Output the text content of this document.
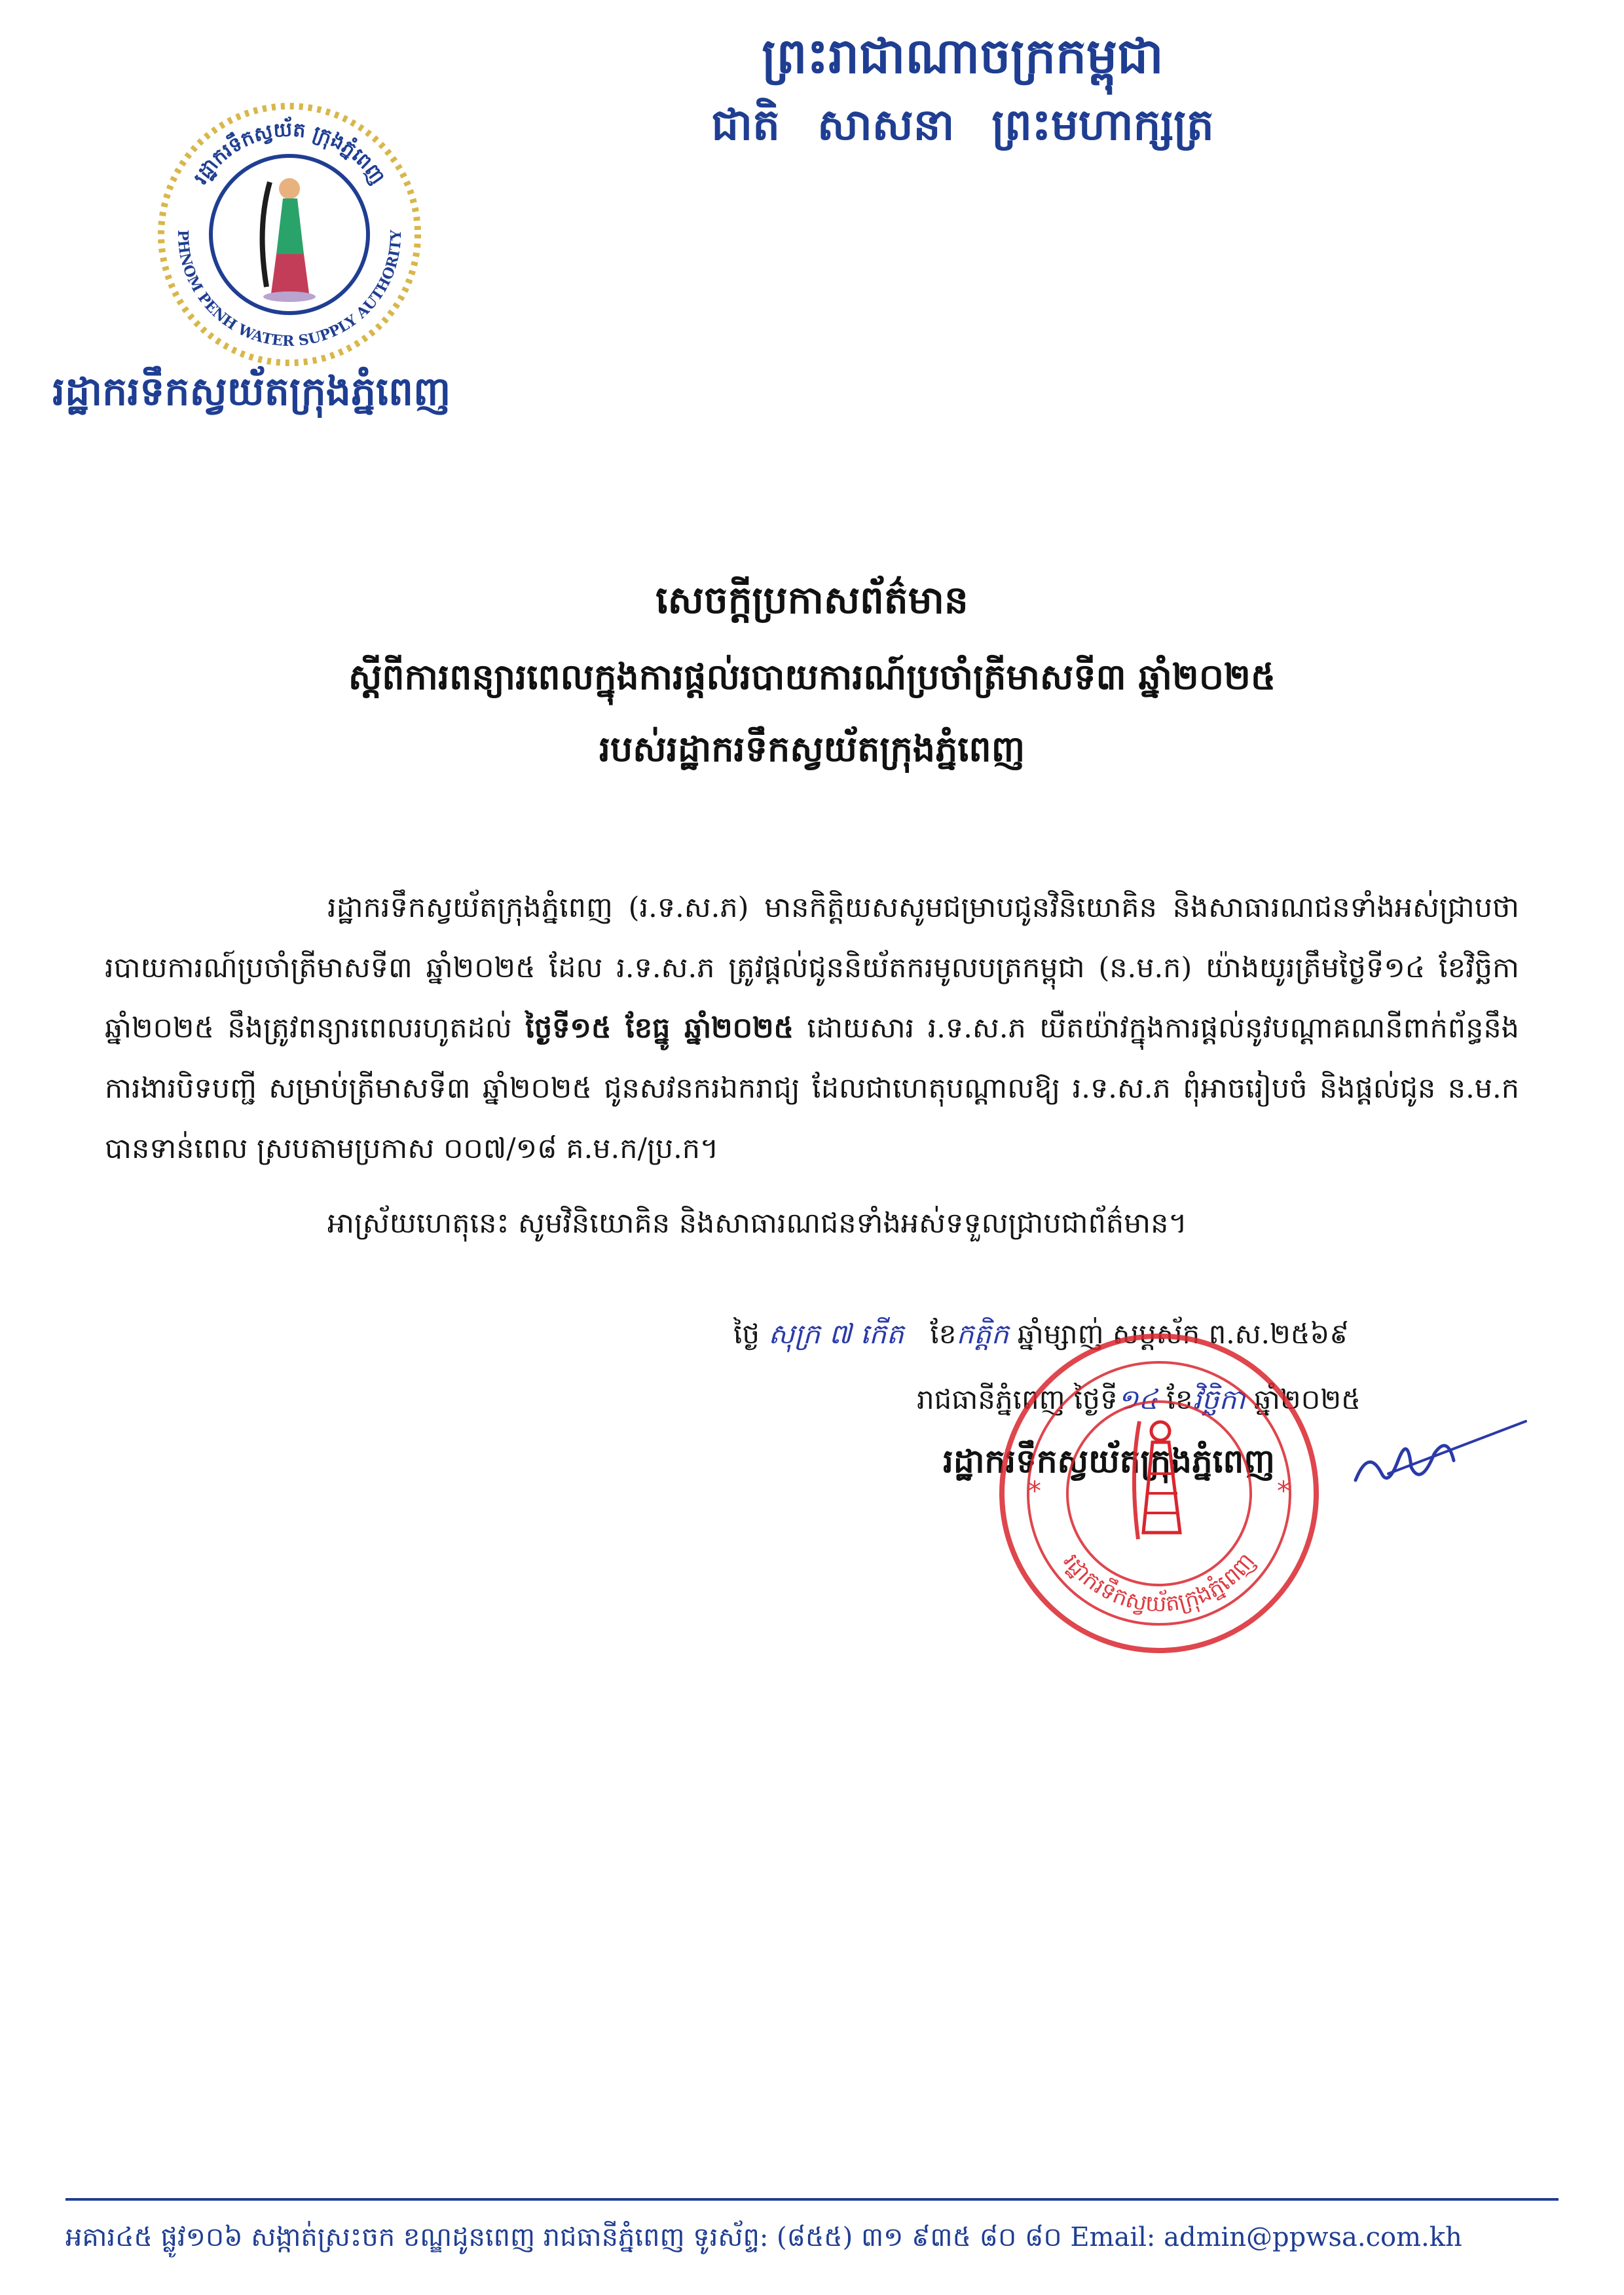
ព្រះរាជាណាចក្រកម្ពុជា
ជាតិ សាសនា ព្រះមហាក្សត្រ
រដ្ឋាករទឹកស្វយ័ត ក្រុងភ្នំពេញ
PHNOM PENH WATER SUPPLY AUTHORITY
រដ្ឋាករទឹកស្វយ័តក្រុងភ្នំពេញ
សេចក្ដីប្រកាសព័ត៌មាន
ស្ដីពីការពន្យារពេលក្នុងការផ្តល់របាយការណ៍ប្រចាំត្រីមាសទី៣ ឆ្នាំ២០២៥
របស់រដ្ឋាករទឹកស្វយ័តក្រុងភ្នំពេញ
រដ្ឋាករទឹកស្វយ័តក្រុងភ្នំពេញ (រ.ទ.ស.ភ) មានកិត្តិយសសូមជម្រាបជូនវិនិយោគិន និងសាធារណជនទាំងអស់ជ្រាបថារបាយការណ៍ប្រចាំត្រីមាសទី៣ ឆ្នាំ២០២៥ ដែល រ.ទ.ស.ភ ត្រូវផ្តល់ជូននិយ័តករមូលបត្រកម្ពុជា (ន.ម.ក) យ៉ាងយូរត្រឹមថ្ងៃទី១៤ ខែវិច្ឆិកា ឆ្នាំ២០២៥ នឹងត្រូវពន្យារពេលរហូតដល់ ថ្ងៃទី១៥ ខែធ្នូ ឆ្នាំ២០២៥ ដោយសារ រ.ទ.ស.ភ យឺតយ៉ាវក្នុងការផ្តល់នូវបណ្តាគណនីពាក់ព័ន្ធនឹង ការងារបិទបញ្ជី សម្រាប់ត្រីមាសទី៣ ឆ្នាំ២០២៥ ជូនសវនករឯករាជ្យ ដែលជាហេតុបណ្តាលឱ្យ រ.ទ.ស.ភ ពុំអាចរៀបចំ និងផ្តល់ជូន ន.ម.ក បានទាន់ពេល ស្របតាមប្រកាស ០០៧/១៨ គ.ម.ក/ប្រ.ក។
អាស្រ័យហេតុនេះ សូមវិនិយោគិន និងសាធារណជនទាំងអស់ទទួលជ្រាបជាព័ត៌មាន។
ថ្ងៃ សុក្រ ៧ កើត ខែកត្តិក ឆ្នាំម្សាញ់ សប្តស័ក ព.ស.២៥៦៩
រាជធានីភ្នំពេញ ថ្ងៃទី១៤ ខែវិច្ឆិកា ឆ្នាំ២០២៥
រដ្ឋាករទឹកស្វយ័តក្រុងភ្នំពេញ
រដ្ឋាករទឹកស្វយ័តក្រុងភ្នំពេញ
*	*
អគារ៤៥ ផ្លូវ១០៦ សង្កាត់ស្រះចក ខណ្ឌដូនពេញ រាជធានីភ្នំពេញ ទូរស័ព្ទ: (៨៥៥) ៣១ ៩៣៥ ៨០ ៨០ Email: admin@ppwsa.com.kh
